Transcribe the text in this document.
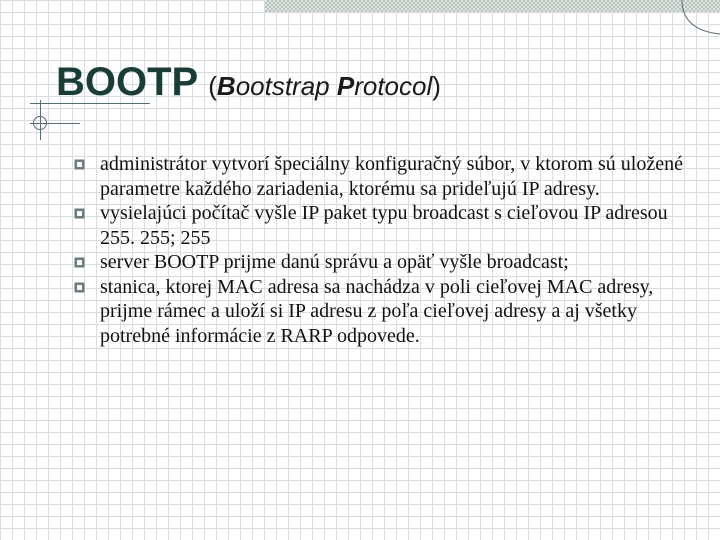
BOOTP (Bootstrap Protocol)
administrátor vytvorí špeciálny konfiguračný súbor, v ktorom sú uložené parametre každého zariadenia, ktorému sa prideľujú IP adresy.
vysielajúci počítač vyšle IP paket typu broadcast s cieľovou IP adresou 255. 255; 255
server BOOTP prijme danú správu a opäť vyšle broadcast;
stanica, ktorej MAC adresa sa nachádza v poli cieľovej MAC adresy, prijme rámec a uloží si IP adresu z poľa cieľovej adresy a aj všetky potrebné informácie z RARP odpovede.
